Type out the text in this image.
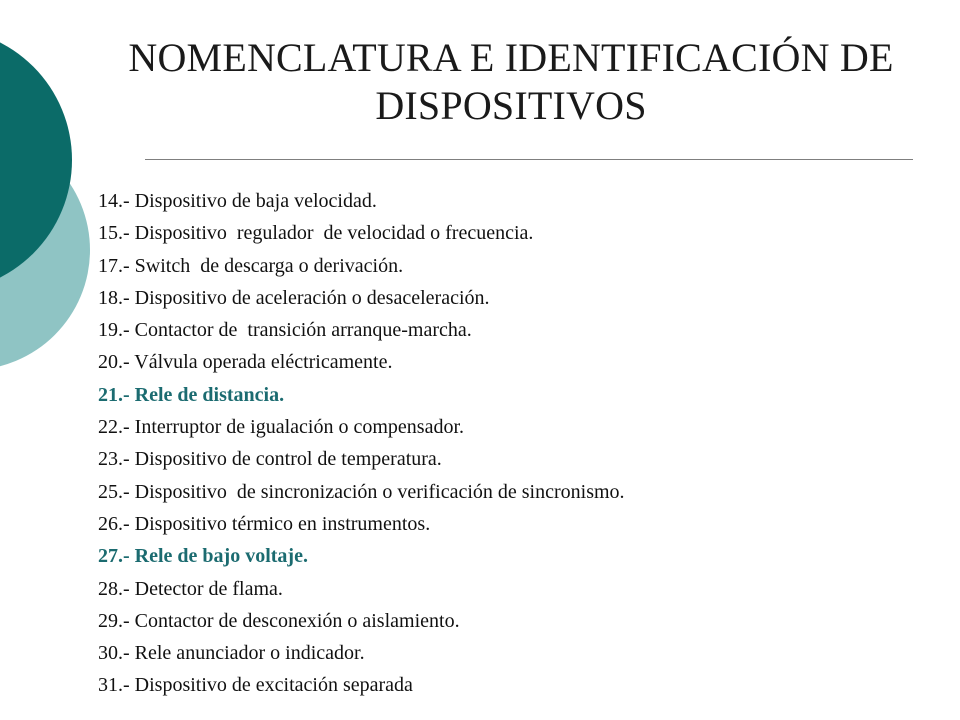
NOMENCLATURA E IDENTIFICACIÓN DE DISPOSITIVOS
14.- Dispositivo de baja velocidad.
15.- Dispositivo  regulador  de velocidad o frecuencia.
17.- Switch  de descarga o derivación.
18.- Dispositivo de aceleración o desaceleración.
19.- Contactor de  transición arranque-marcha.
20.- Válvula operada eléctricamente.
21.- Rele de distancia.
22.- Interruptor de igualación o compensador.
23.- Dispositivo de control de temperatura.
25.- Dispositivo  de sincronización o verificación de sincronismo.
26.- Dispositivo térmico en instrumentos.
27.- Rele de bajo voltaje.
28.- Detector de flama.
29.- Contactor de desconexión o aislamiento.
30.- Rele anunciador o indicador.
31.- Dispositivo de excitación separada
